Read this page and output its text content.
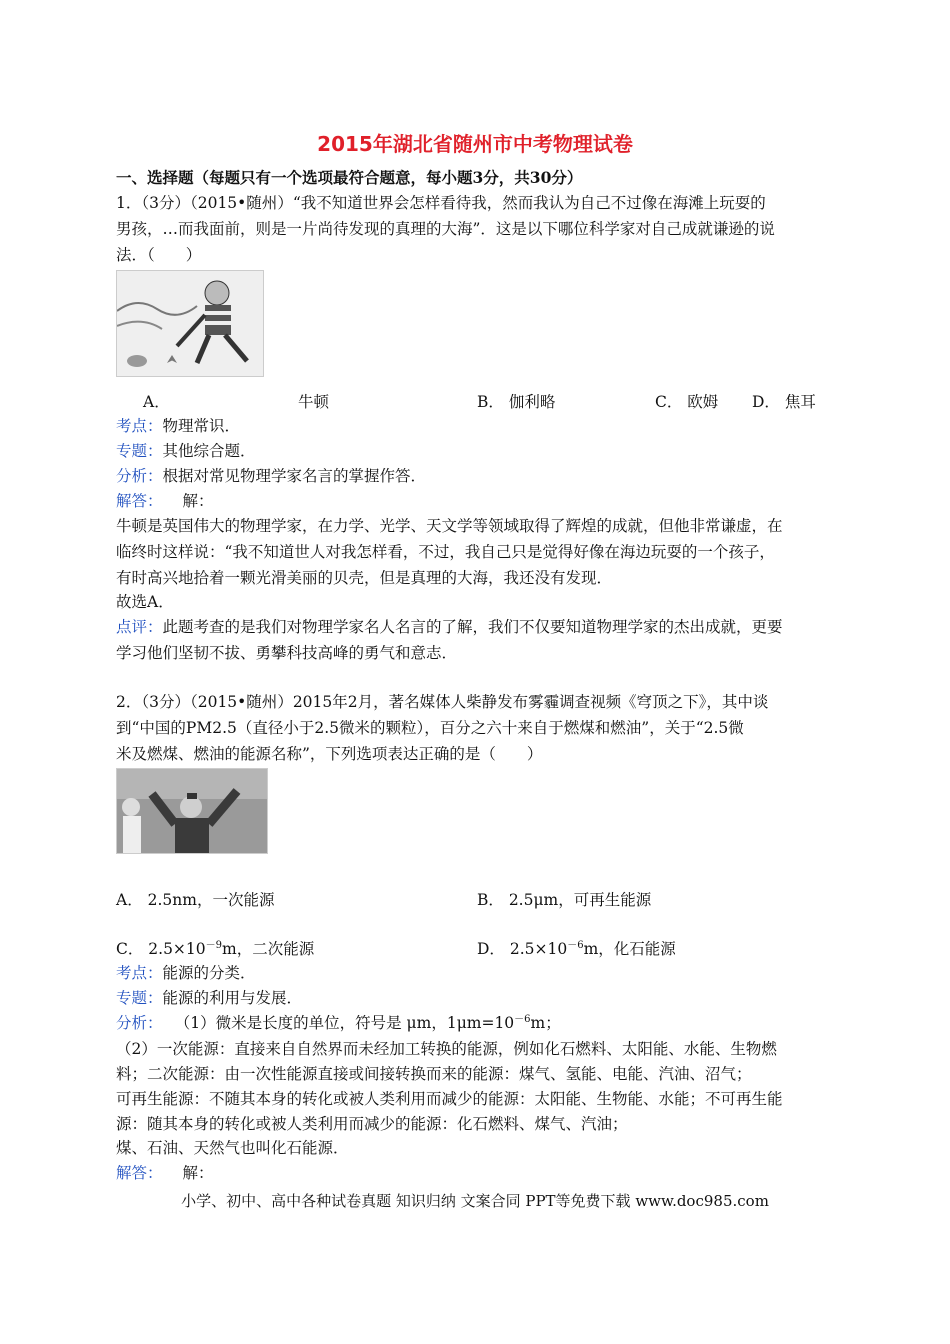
2015年湖北省随州市中考物理试卷
一、选择题（每题只有一个选项最符合题意，每小题3分，共30分）
1．（3分）（2015•随州）“我不知道世界会怎样看待我，然而我认为自己不过像在海滩上玩耍的
男孩，…而我面前，则是一片尚待发现的真理的大海”．这是以下哪位科学家对自己成就谦逊的说
法．（　　）
A．	牛顿	B． 伽利略	C． 欧姆 D． 焦耳
考点：物理常识．
专题：其他综合题．
分析：根据对常见物理学家名言的掌握作答．
解答： 解：
牛顿是英国伟大的物理学家，在力学、光学、天文学等领域取得了辉煌的成就，但他非常谦虚，在
临终时这样说：“我不知道世人对我怎样看，不过，我自己只是觉得好像在海边玩耍的一个孩子，
有时高兴地拾着一颗光滑美丽的贝壳，但是真理的大海，我还没有发现．
故选A．
点评：此题考查的是我们对物理学家名人名言的了解，我们不仅要知道物理学家的杰出成就，更要
学习他们坚韧不拔、勇攀科技高峰的勇气和意志．
2．（3分）（2015•随州）2015年2月，著名媒体人柴静发布雾霾调查视频《穹顶之下》，其中谈
到“中国的PM2.5（直径小于2.5微米的颗粒），百分之六十来自于燃煤和燃油”，关于“2.5微
米及燃煤、燃油的能源名称”，下列选项表达正确的是（　　）
A． 2.5nm，一次能源	B． 2.5μm，可再生能源
C． $2.5\times 10^{-9}m$，二次能源	D． $2.5\times 10^{-6}m$，化石能源
考点：能源的分类．
专题：能源的利用与发展．
分析： （1）微米是长度的单位，符号是 μm，$1\mu m=10^{-6}m$；
（2）一次能源：直接来自自然界而未经加工转换的能源，例如化石燃料、太阳能、水能、生物燃
料；二次能源：由一次性能源直接或间接转换而来的能源：煤气、氢能、电能、汽油、沼气；
可再生能源：不随其本身的转化或被人类利用而减少的能源：太阳能、生物能、水能；不可再生能
源：随其本身的转化或被人类利用而减少的能源：化石燃料、煤气、汽油；
煤、石油、天然气也叫化石能源．
解答： 解：
小学、初中、高中各种试卷真题 知识归纳 文案合同 PPT等免费下载 www.doc985.com
